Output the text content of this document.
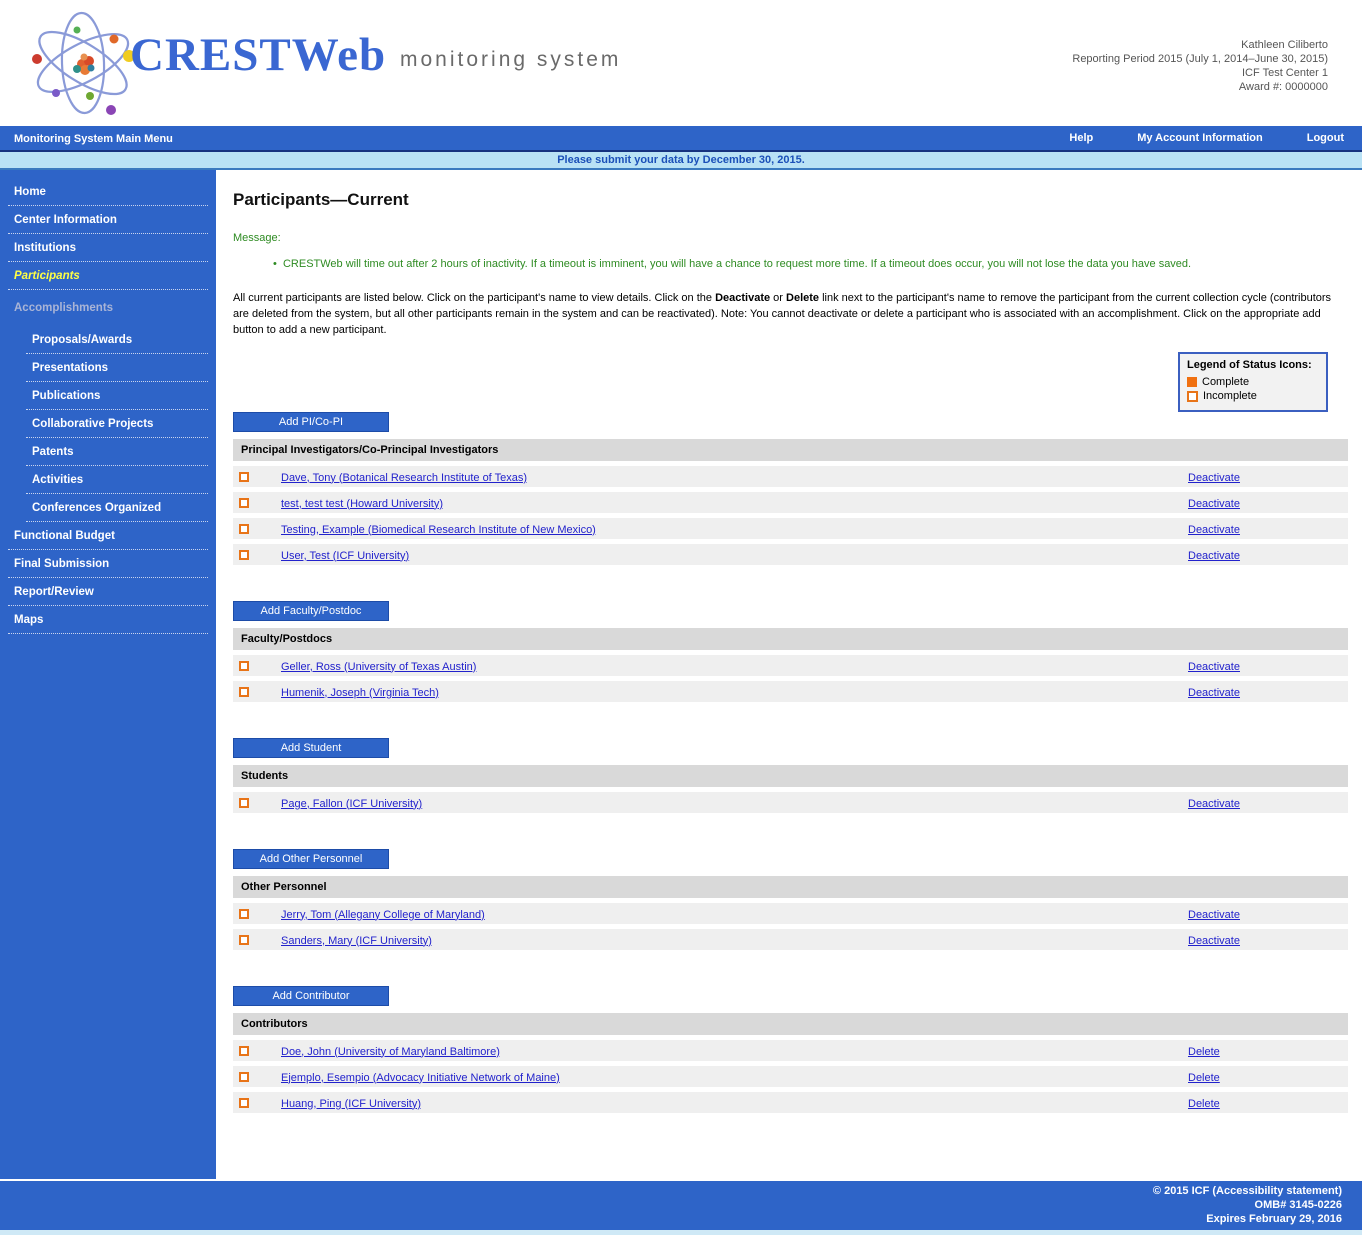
CRESTWeb monitoring system
Kathleen Ciliberto
Reporting Period 2015 (July 1, 2014–June 30, 2015)
ICF Test Center 1
Award #: 0000000
Monitoring System Main Menu	Help	My Account Information	Logout
Please submit your data by December 30, 2015.
Home
Center Information
Institutions
Participants
Accomplishments
Proposals/Awards
Presentations
Publications
Collaborative Projects
Patents
Activities
Conferences Organized
Functional Budget
Final Submission
Report/Review
Maps
Participants—Current
Message:
•  CRESTWeb will time out after 2 hours of inactivity. If a timeout is imminent, you will have a chance to request more time. If a timeout does occur, you will not lose the data you have saved.

All current participants are listed below. Click on the participant's name to view details. Click on the Deactivate or Delete link next to the participant's name to remove the participant from the current collection cycle (contributors are deleted from the system, but all other participants remain in the system and can be reactivated). Note: You cannot deactivate or delete a participant who is associated with an accomplishment. Click on the appropriate add button to add a new participant.

Legend of Status Icons:
Complete
Incomplete
Add PI/Co-PI
Principal Investigators/Co-Principal Investigators
Dave, Tony (Botanical Research Institute of Texas)	Deactivate
test, test test (Howard University)	Deactivate
Testing, Example (Biomedical Research Institute of New Mexico)	Deactivate
User, Test (ICF University)	Deactivate
Add Faculty/Postdoc
Faculty/Postdocs
Geller, Ross (University of Texas Austin)	Deactivate
Humenik, Joseph (Virginia Tech)	Deactivate
Add Student
Students
Page, Fallon (ICF University)	Deactivate
Add Other Personnel
Other Personnel
Jerry, Tom (Allegany College of Maryland)	Deactivate
Sanders, Mary (ICF University)	Deactivate
Add Contributor
Contributors
Doe, John (University of Maryland Baltimore)	Delete
Ejemplo, Esempio (Advocacy Initiative Network of Maine)	Delete
Huang, Ping (ICF University)	Delete
© 2015 ICF (Accessibility statement)
OMB# 3145-0226
Expires February 29, 2016
